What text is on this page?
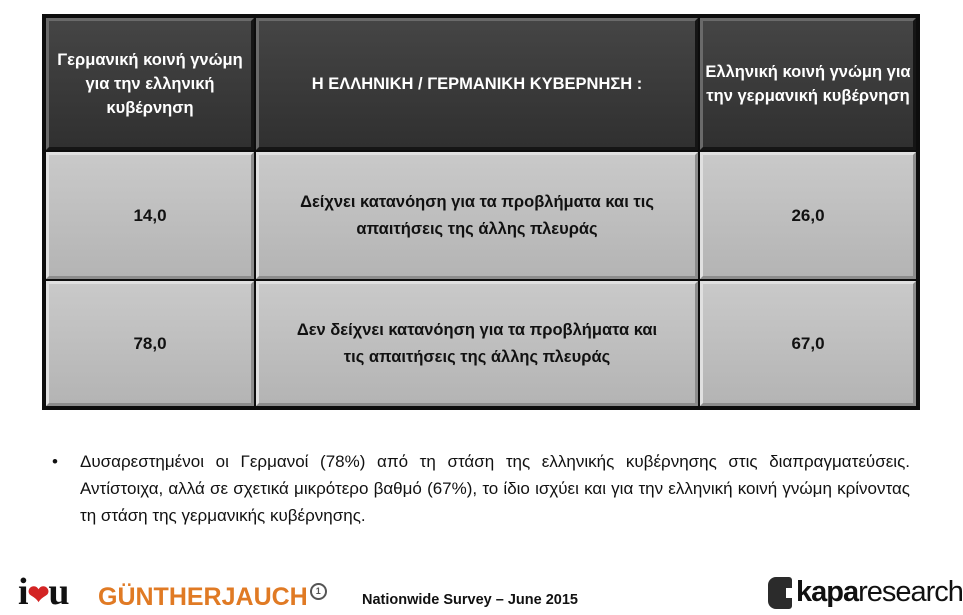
Γερμανική κοινή γνώμη για την ελληνική κυβέρνηση
Η ΕΛΛΗΝΙΚΗ / ΓΕΡΜΑΝΙΚΗ ΚΥΒΕΡΝΗΣΗ :
Ελληνική κοινή γνώμη για την γερμανική κυβέρνηση
14,0
Δείχνει κατανόηση για τα προβλήματα και τις απαιτήσεις της άλλης πλευράς
26,0
78,0
Δεν δείχνει κατανόηση για τα προβλήματα και τις απαιτήσεις της άλλης πλευράς
67,0
•	Δυσαρεστημένοι οι Γερμανοί (78%) από τη στάση της ελληνικής κυβέρνησης στις διαπραγματεύσεις. Αντίστοιχα, αλλά σε σχετικά μικρότερο βαθμό (67%), το ίδιο ισχύει και για την ελληνική κοινή γνώμη κρίνοντας τη στάση της γερμανικής κυβέρνησης.
i❤u GÜNTHERJAUCH 1
Nationwide Survey – June 2015	kapa research
